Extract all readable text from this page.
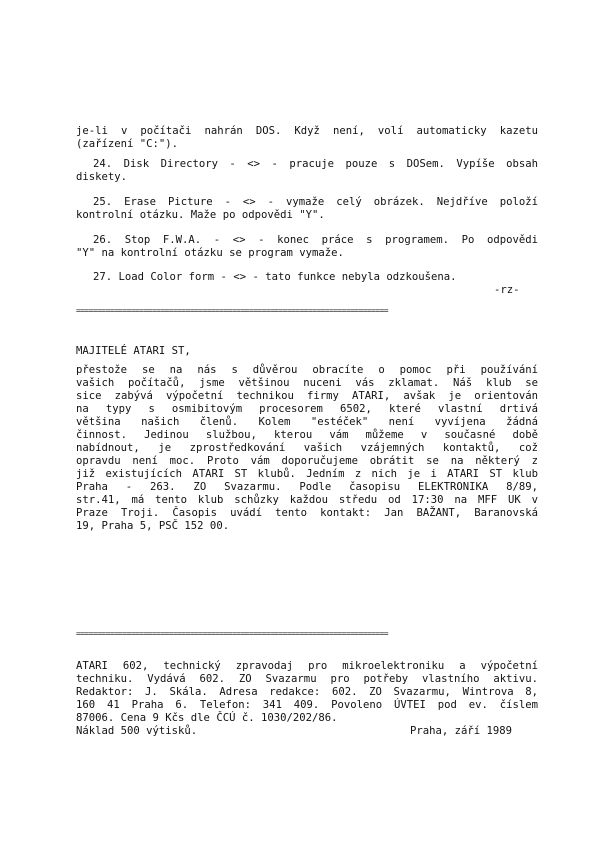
je-li v počítači nahrán DOS. Když není, volí automaticky kazetu
(zařízení "C:").
24. Disk Directory - <> - pracuje pouze s DOSem. Vypíše obsah
diskety.
25. Erase Picture - <> - vymaže celý obrázek. Nejdříve položí
kontrolní otázku. Maže po odpovědi "Y".
26. Stop F.W.A. - <> - konec práce s programem. Po odpovědi
"Y" na kontrolní otázku se program vymaže.
27. Load Color form - <> - tato funkce nebyla odzkoušena.
-rz-
==========================================================================
MAJITELÉ ATARI ST,
přestože se na nás s důvěrou obracíte o pomoc při používání
vašich počítačů, jsme většinou nuceni vás zklamat. Náš klub se
sice zabývá výpočetní technikou firmy ATARI, avšak je orientován
na typy s osmibitovým procesorem 6502, které vlastní drtivá
většina našich členů. Kolem "estéček" není vyvíjena žádná
činnost. Jedinou službou, kterou vám můžeme v současné době
nabídnout, je zprostředkování vašich vzájemných kontaktů, což
opravdu není moc. Proto vám doporučujeme obrátit se na některý z
již existujících ATARI ST klubů. Jedním z nich je i ATARI ST klub
Praha - 263. ZO Svazarmu. Podle časopisu ELEKTRONIKA 8/89,
str.41, má tento klub schůzky každou středu od 17:30 na MFF UK v
Praze Troji. Časopis uvádí tento kontakt: Jan BAŽANT, Baranovská
19, Praha 5, PSČ 152 00.
==========================================================================
ATARI 602, technický zpravodaj pro mikroelektroniku a výpočetní
techniku. Vydává 602. ZO Svazarmu pro potřeby vlastního aktivu.
Redaktor: J. Skála. Adresa redakce: 602. ZO Svazarmu, Wintrova 8,
160 41 Praha 6. Telefon: 341 409. Povoleno ÚVTEI pod ev. číslem
87006. Cena 9 Kčs dle ČCÚ č. 1030/202/86.
Náklad 500 výtisků.	Praha, září 1989
